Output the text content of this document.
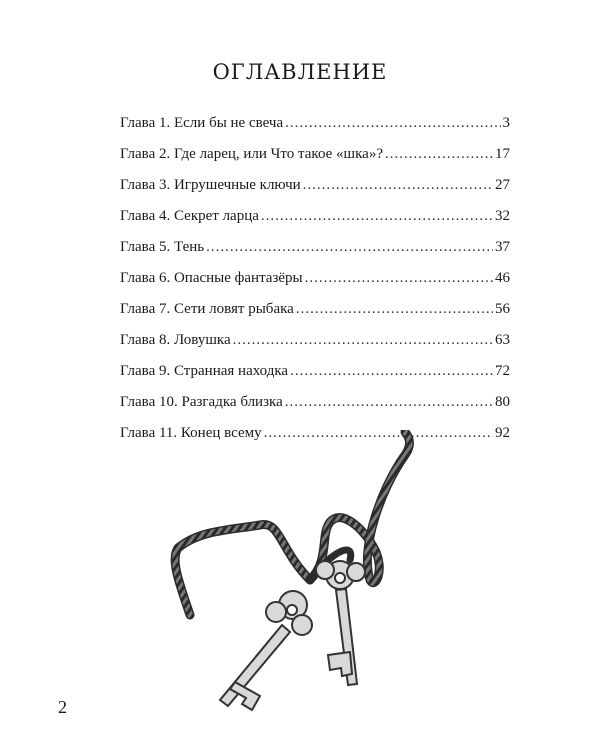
ОГЛАВЛЕНИЕ
Глава 1. Если бы не свеча .....	3
Глава 2. Где ларец, или Что такое «шка»? .....	17
Глава 3. Игрушечные ключи .....	27
Глава 4. Секрет ларца .....	32
Глава 5. Тень .....	37
Глава 6. Опасные фантазёры .....	46
Глава 7. Сети ловят рыбака .....	56
Глава 8. Ловушка .....	63
Глава 9. Странная находка .....	72
Глава 10. Разгадка близка .....	80
Глава 11. Конец всему .....	92
2
